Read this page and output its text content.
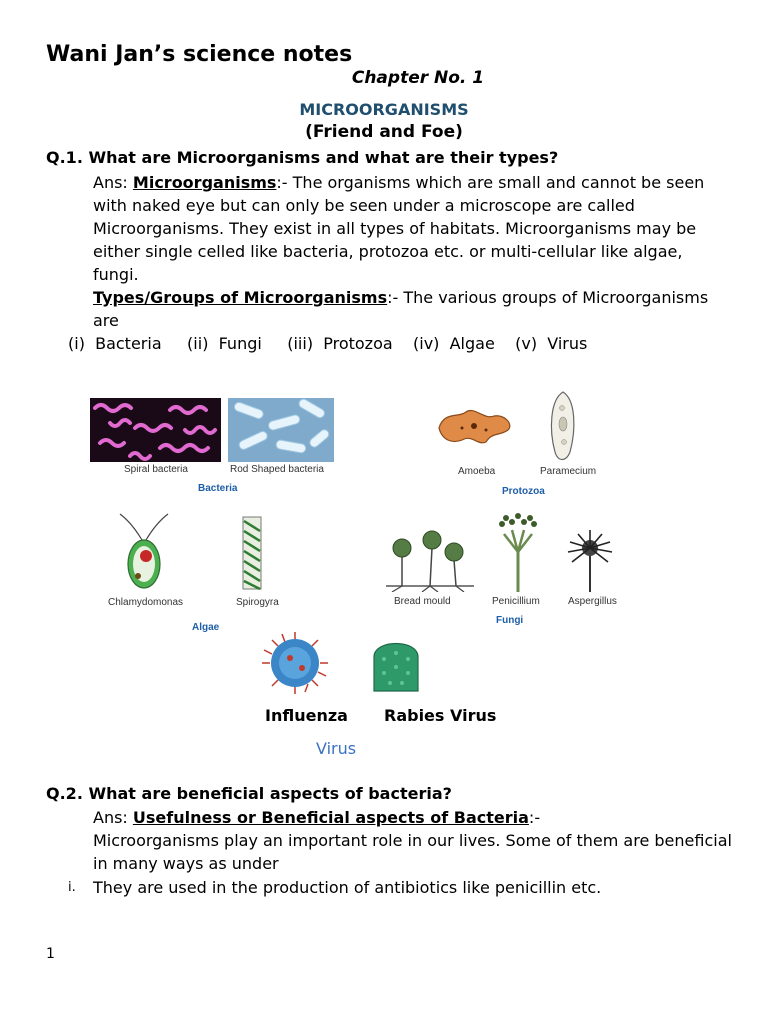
Wani Jan’s science notes
Chapter No. 1
MICROORGANISMS
(Friend and Foe)
Q.1. What are Microorganisms and what are their types?
Ans: Microorganisms:- The organisms which are small and cannot be seen with naked eye but can only be seen under a microscope are called Microorganisms. They exist in all types of habitats. Microorganisms may be either single celled like bacteria, protozoa etc. or multi-cellular like algae, fungi.
Types/Groups of Microorganisms:- The various groups of Microorganisms are
(i)  Bacteria     (ii)  Fungi     (iii)  Protozoa    (iv)  Algae    (v)  Virus
Spiral bacteria	Rod Shaped bacteria
Bacteria
Amoeba	Paramecium
Protozoa
Chlamydomonas	Spirogyra
Algae
Bread mould	Penicillium	Aspergillus
Fungi
Influenza Rabies Virus
Virus
Q.2. What are beneficial aspects of bacteria?
Ans: Usefulness or Beneficial aspects of Bacteria:-
Microorganisms play an important role in our lives. Some of them are beneficial in many ways as under
i. They are used in the production of antibiotics like penicillin etc.
1
